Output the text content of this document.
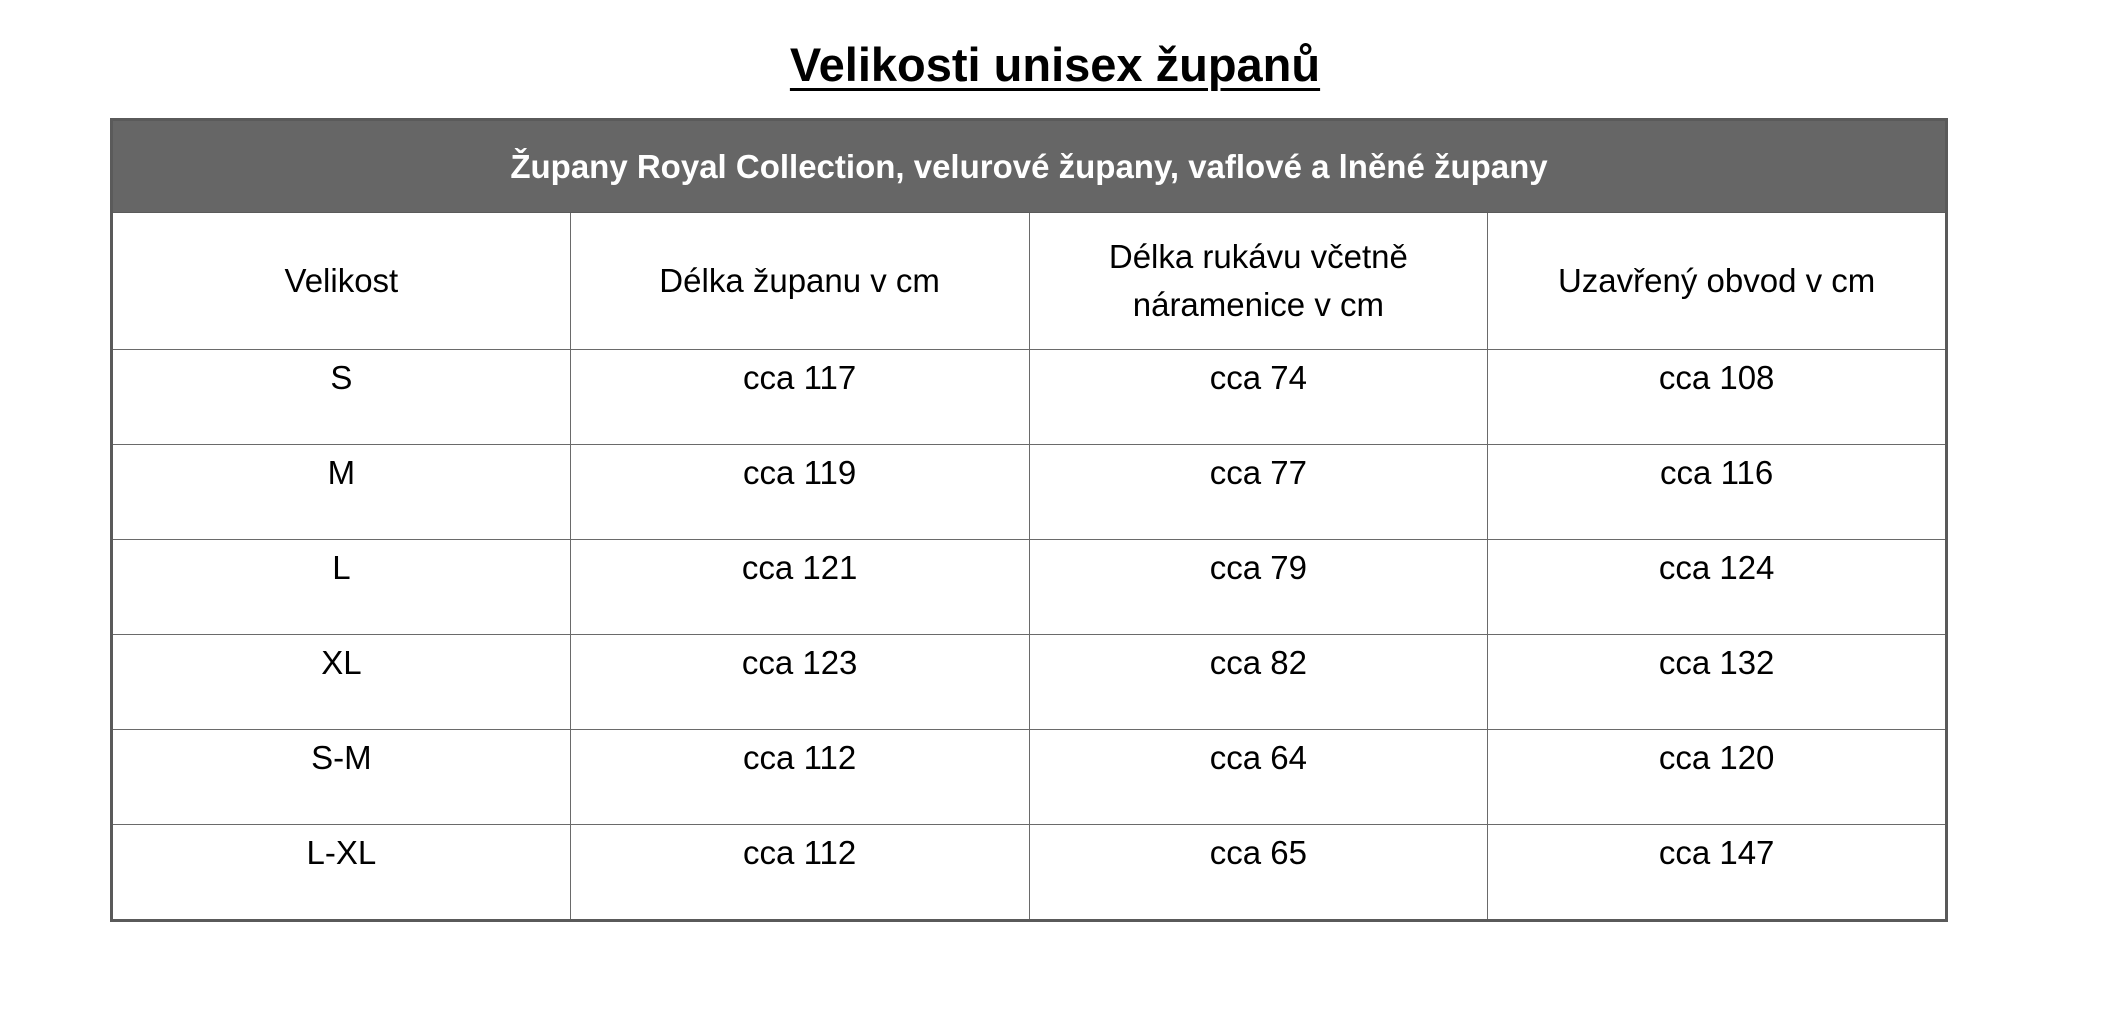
Velikosti unisex županů
Župany Royal Collection, velurové župany, vaflové a lněné župany			
Velikost	Délka županu v cm	Délka rukávu včetně náramenice v cm	Uzavřený obvod v cm
S	cca 117	cca 74	cca 108
M	cca 119	cca 77	cca 116
L	cca 121	cca 79	cca 124
XL	cca 123	cca 82	cca 132
S-M	cca 112	cca 64	cca 120
L-XL	cca 112	cca 65	cca 147
